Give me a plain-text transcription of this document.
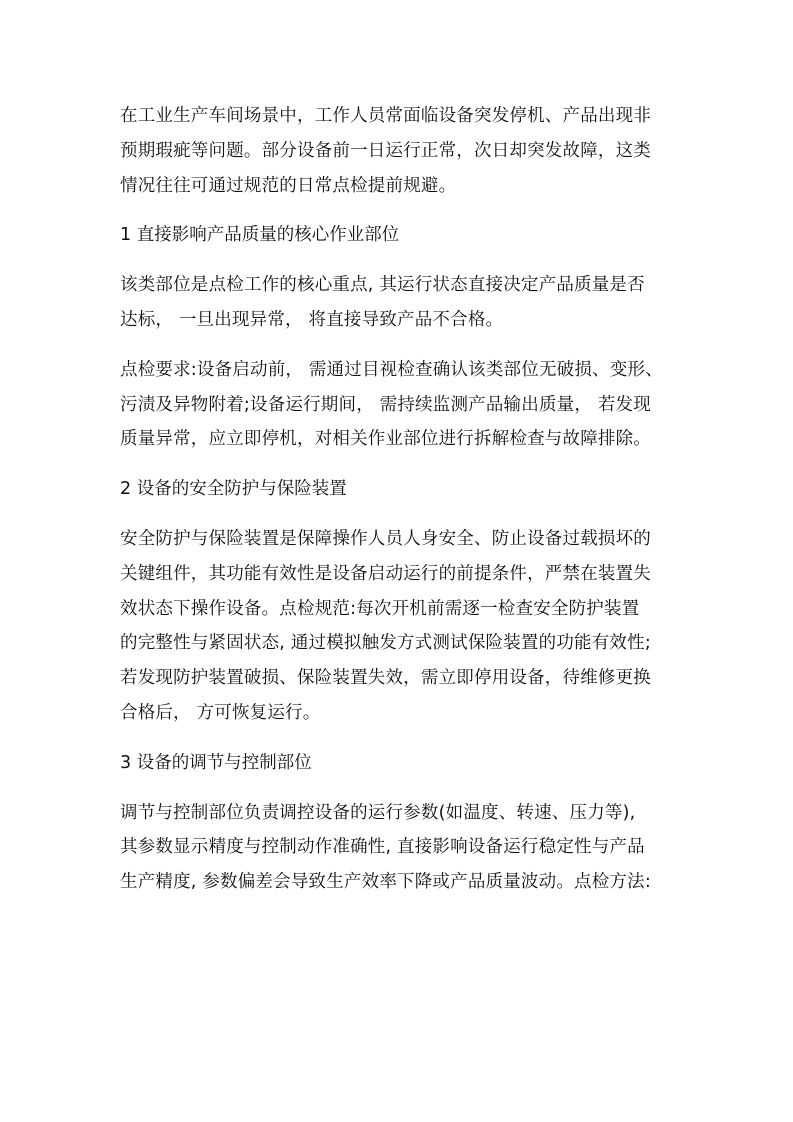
在工业生产车间场景中，工作人员常面临设备突发停机、产品出现非
预期瑕疵等问题。部分设备前一日运行正常，次日却突发故障，这类
情况往往可通过规范的日常点检提前规避。

1 直接影响产品质量的核心作业部位

该类部位是点检工作的核心重点, 其运行状态直接决定产品质量是否
达标， 一旦出现异常， 将直接导致产品不合格。

点检要求:设备启动前， 需通过目视检查确认该类部位无破损、变形、
污渍及异物附着;设备运行期间， 需持续监测产品输出质量， 若发现
质量异常，应立即停机，对相关作业部位进行拆解检查与故障排除。

2 设备的安全防护与保险装置

安全防护与保险装置是保障操作人员人身安全、防止设备过载损坏的
关键组件，其功能有效性是设备启动运行的前提条件，严禁在装置失
效状态下操作设备。点检规范:每次开机前需逐一检查安全防护装置
的完整性与紧固状态, 通过模拟触发方式测试保险装置的功能有效性;
若发现防护装置破损、保险装置失效，需立即停用设备，待维修更换
合格后， 方可恢复运行。

3 设备的调节与控制部位

调节与控制部位负责调控设备的运行参数(如温度、转速、压力等),
其参数显示精度与控制动作准确性, 直接影响设备运行稳定性与产品
生产精度, 参数偏差会导致生产效率下降或产品质量波动。点检方法:
